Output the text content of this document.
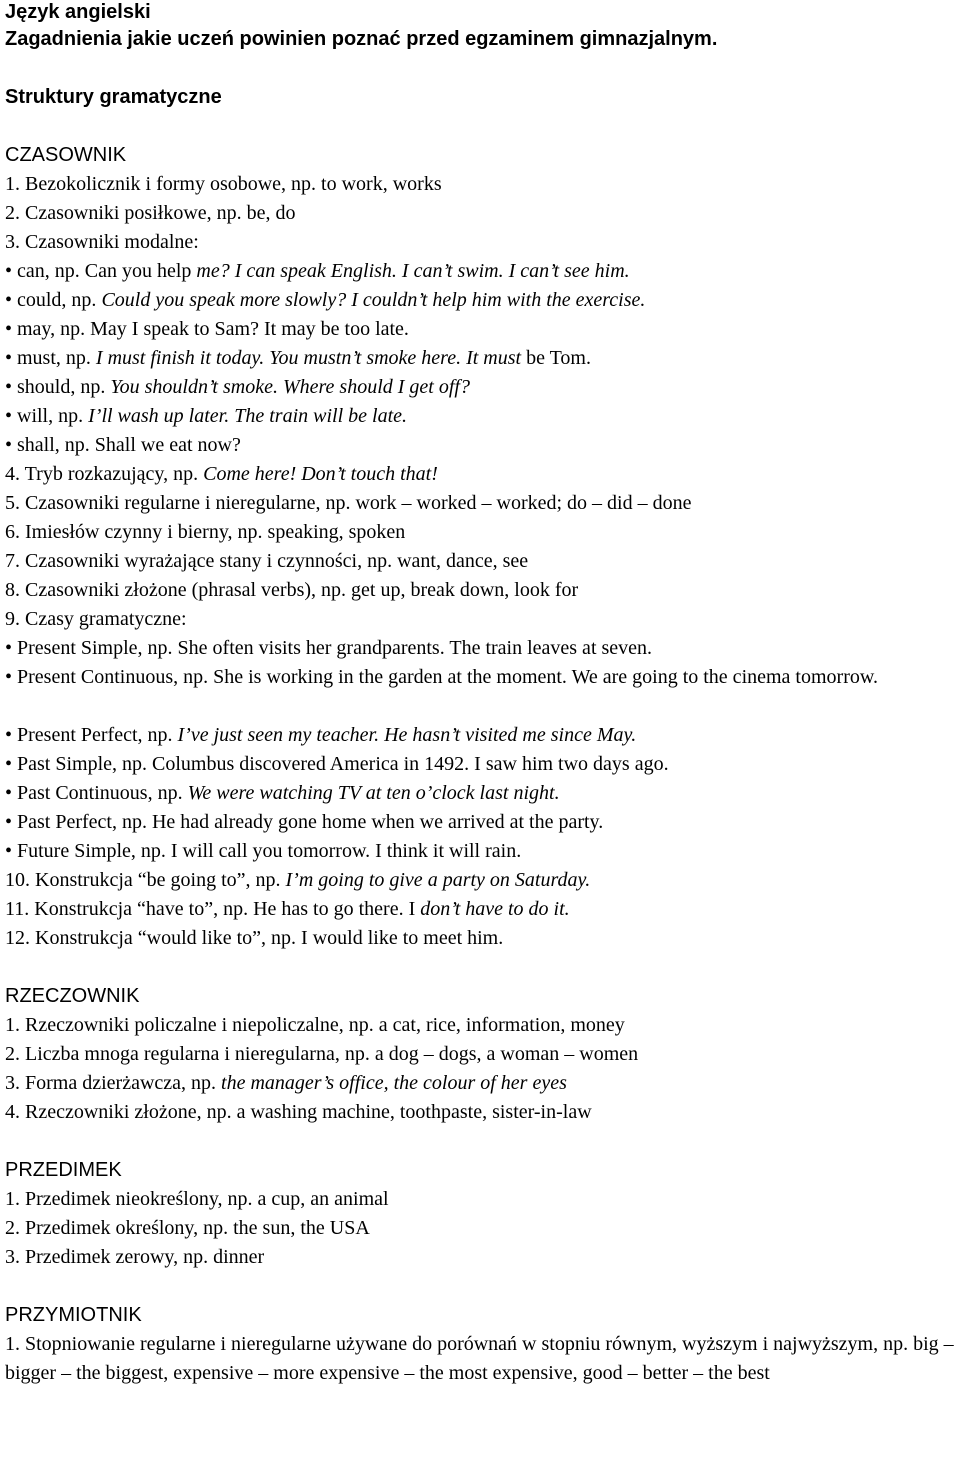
Język angielski
Zagadnienia jakie uczeń powinien poznać przed egzaminem gimnazjalnym.
Struktury gramatyczne
CZASOWNIK
1. Bezokolicznik i formy osobowe, np. to work, works
2. Czasowniki posiłkowe, np. be, do
3. Czasowniki modalne:
• can, np. Can you help me? I can speak English. I can’t swim. I can’t see him.
• could, np. Could you speak more slowly? I couldn’t help him with the exercise.
• may, np. May I speak to Sam? It may be too late.
• must, np. I must finish it today. You mustn’t smoke here. It must be Tom.
• should, np. You shouldn’t smoke. Where should I get off?
• will, np. I’ll wash up later. The train will be late.
• shall, np. Shall we eat now?
4. Tryb rozkazujący, np. Come here! Don’t touch that!
5. Czasowniki regularne i nieregularne, np. work – worked – worked; do – did – done
6. Imiesłów czynny i bierny, np. speaking, spoken
7. Czasowniki wyrażające stany i czynności, np. want, dance, see
8. Czasowniki złożone (phrasal verbs), np. get up, break down, look for
9. Czasy gramatyczne:
• Present Simple, np. She often visits her grandparents. The train leaves at seven.
• Present Continuous, np. She is working in the garden at the moment. We are going to the cinema tomorrow.
• Present Perfect, np. I’ve just seen my teacher. He hasn’t visited me since May.
• Past Simple, np. Columbus discovered America in 1492. I saw him two days ago.
• Past Continuous, np. We were watching TV at ten o’clock last night.
• Past Perfect, np. He had already gone home when we arrived at the party.
• Future Simple, np. I will call you tomorrow. I think it will rain.
10. Konstrukcja “be going to”, np. I’m going to give a party on Saturday.
11. Konstrukcja “have to”, np. He has to go there. I don’t have to do it.
12. Konstrukcja “would like to”, np. I would like to meet him.
RZECZOWNIK
1. Rzeczowniki policzalne i niepoliczalne, np. a cat, rice, information, money
2. Liczba mnoga regularna i nieregularna, np. a dog – dogs, a woman – women
3. Forma dzierżawcza, np. the manager’s office, the colour of her eyes
4. Rzeczowniki złożone, np. a washing machine, toothpaste, sister-in-law
PRZEDIMEK
1. Przedimek nieokreślony, np. a cup, an animal
2. Przedimek określony, np. the sun, the USA
3. Przedimek zerowy, np. dinner
PRZYMIOTNIK
1. Stopniowanie regularne i nieregularne używane do porównań w stopniu równym, wyższym i najwyższym, np. big – bigger – the biggest, expensive – more expensive – the most expensive, good – better – the best
